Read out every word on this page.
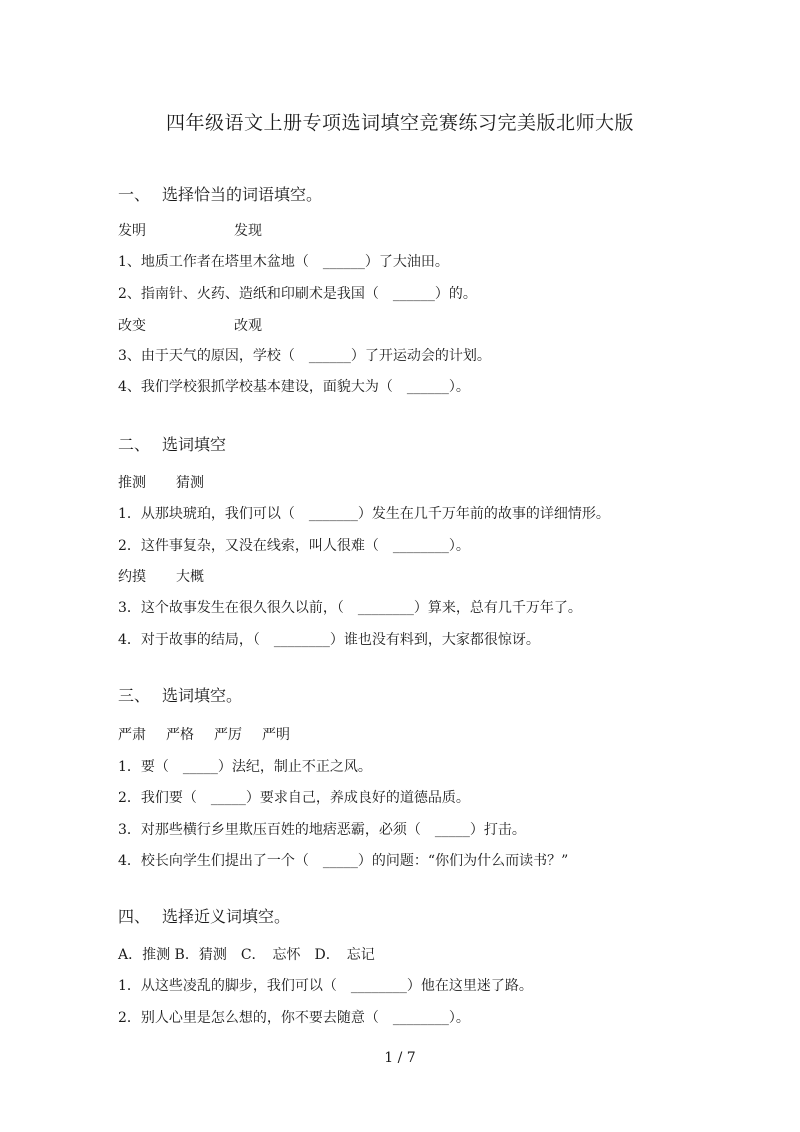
四年级语文上册专项选词填空竞赛练习完美版北师大版
一、 选择恰当的词语填空。
发明	发现
1、地质工作者在塔里木盆地（　______）了大油田。
2、指南针、火药、造纸和印刷术是我国（　______）的。
改变	改观
3、由于天气的原因，学校（　______）了开运动会的计划。
4、我们学校狠抓学校基本建设，面貌大为（　______）。
二、 选词填空
推测 猜测
1．从那块琥珀，我们可以（　_______）发生在几千万年前的故事的详细情形。
2．这件事复杂，又没在线索，叫人很难（　________）。
约摸 大概
3．这个故事发生在很久很久以前，（　________）算来，总有几千万年了。
4．对于故事的结局，（　________）谁也没有料到，大家都很惊讶。
三、 选词填空。
严肃 严格 严厉 严明
1．要（　_____）法纪，制止不正之风。
2．我们要（　_____）要求自己，养成良好的道德品质。
3．对那些横行乡里欺压百姓的地痞恶霸，必须（　_____）打击。
4．校长向学生们提出了一个（　_____）的问题：“你们为什么而读书？”
四、 选择近义词填空。
A．推测 B．猜测　C．　忘怀　D．　忘记
1．从这些凌乱的脚步，我们可以（　________）他在这里迷了路。
2．别人心里是怎么想的，你不要去随意（　________）。
1 / 7
